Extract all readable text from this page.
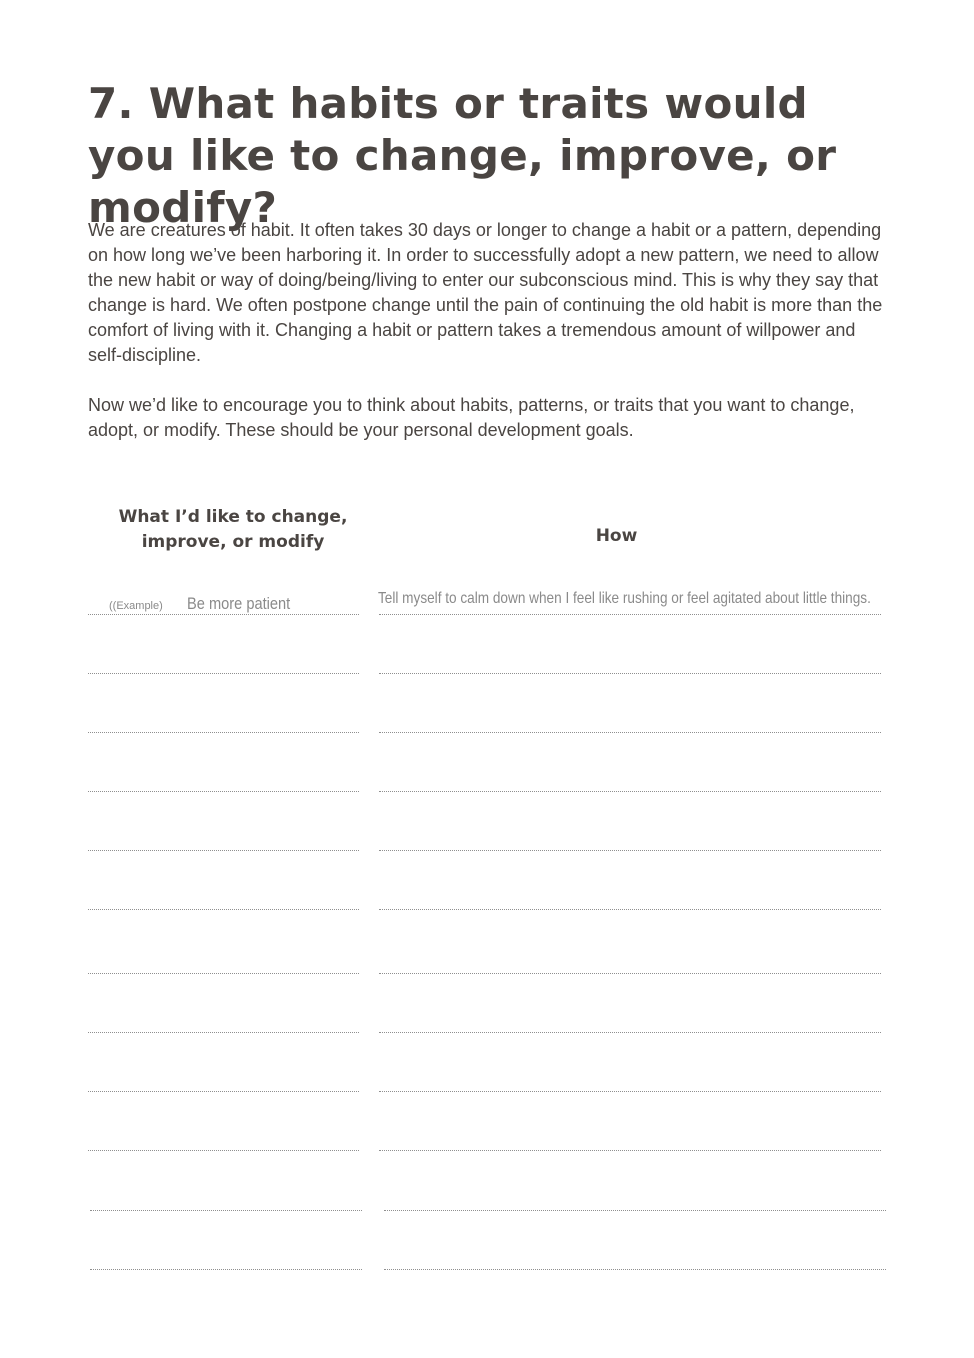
7. What habits or traits would you like to change, improve, or modify?

We are creatures of habit. It often takes 30 days or longer to change a habit or a pattern, depending on how long we’ve been harboring it. In order to successfully adopt a new pattern, we need to allow the new habit or way of doing/being/living to enter our subconscious mind. This is why they say that change is hard. We often postpone change until the pain of continuing the old habit is more than the comfort of living with it. Changing a habit or pattern takes a tremendous amount of willpower and self-discipline.

Now we’d like to encourage you to think about habits, patterns, or traits that you want to change, adopt, or modify. These should be your personal development goals.

What I’d like to change, improve, or modify	How
((Example) Be more patient	Tell myself to calm down when I feel like rushing or feel agitated about little things.
